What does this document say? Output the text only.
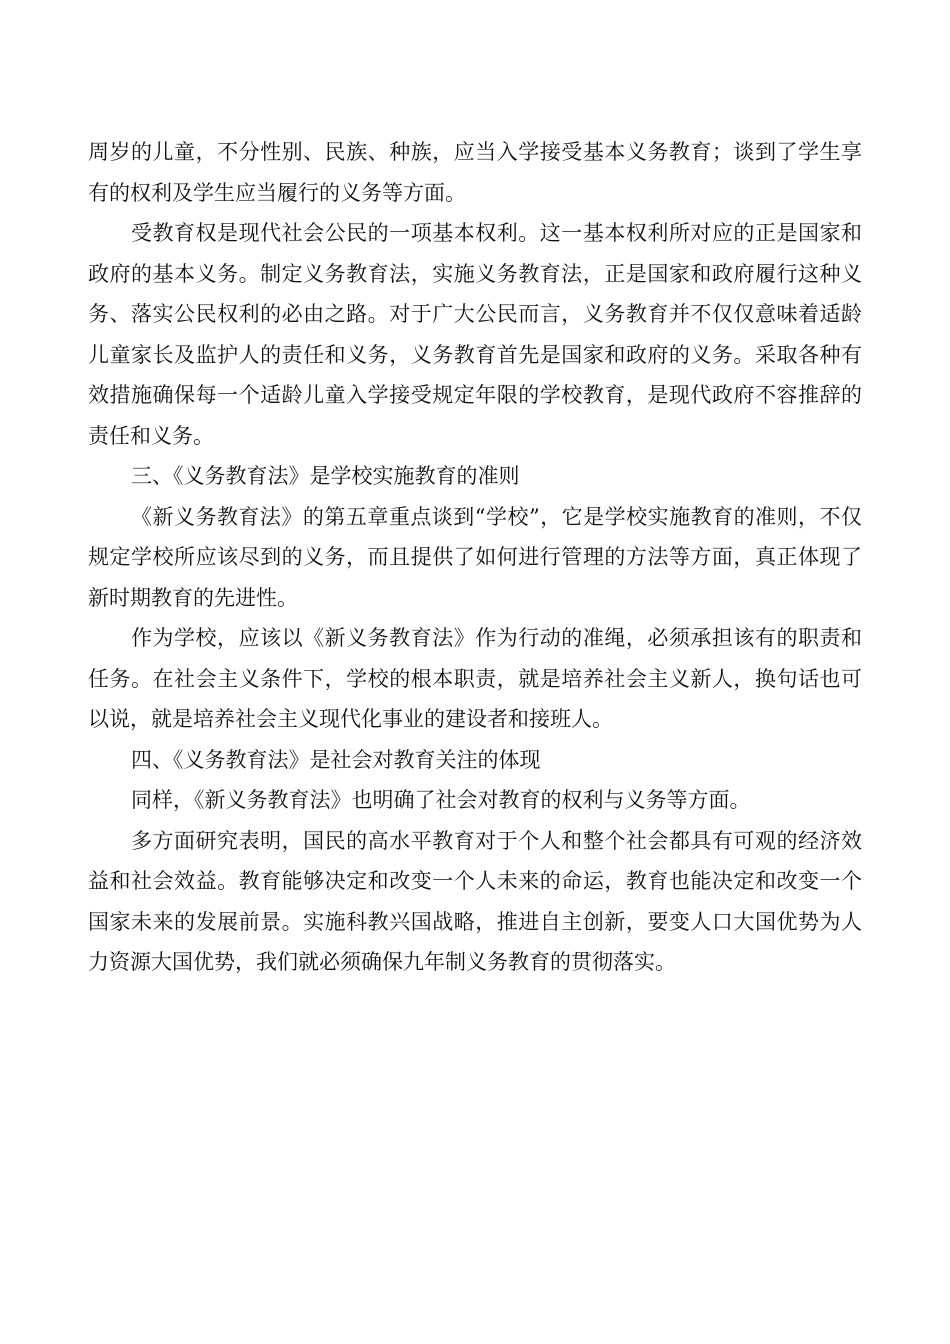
周岁的儿童，不分性别、民族、种族，应当入学接受基本义务教育；谈到了学生享有的权利及学生应当履行的义务等方面。

受教育权是现代社会公民的一项基本权利。这一基本权利所对应的正是国家和政府的基本义务。制定义务教育法，实施义务教育法，正是国家和政府履行这种义务、落实公民权利的必由之路。对于广大公民而言，义务教育并不仅仅意味着适龄儿童家长及监护人的责任和义务，义务教育首先是国家和政府的义务。采取各种有效措施确保每一个适龄儿童入学接受规定年限的学校教育，是现代政府不容推辞的责任和义务。

三、《义务教育法》是学校实施教育的准则

《新义务教育法》的第五章重点谈到“学校”，它是学校实施教育的准则，不仅规定学校所应该尽到的义务，而且提供了如何进行管理的方法等方面，真正体现了新时期教育的先进性。

作为学校，应该以《新义务教育法》作为行动的准绳，必须承担该有的职责和任务。在社会主义条件下，学校的根本职责，就是培养社会主义新人，换句话也可以说，就是培养社会主义现代化事业的建设者和接班人。

四、《义务教育法》是社会对教育关注的体现

同样，《新义务教育法》也明确了社会对教育的权利与义务等方面。

多方面研究表明，国民的高水平教育对于个人和整个社会都具有可观的经济效益和社会效益。教育能够决定和改变一个人未来的命运，教育也能决定和改变一个国家未来的发展前景。实施科教兴国战略，推进自主创新，要变人口大国优势为人力资源大国优势，我们就必须确保九年制义务教育的贯彻落实。
